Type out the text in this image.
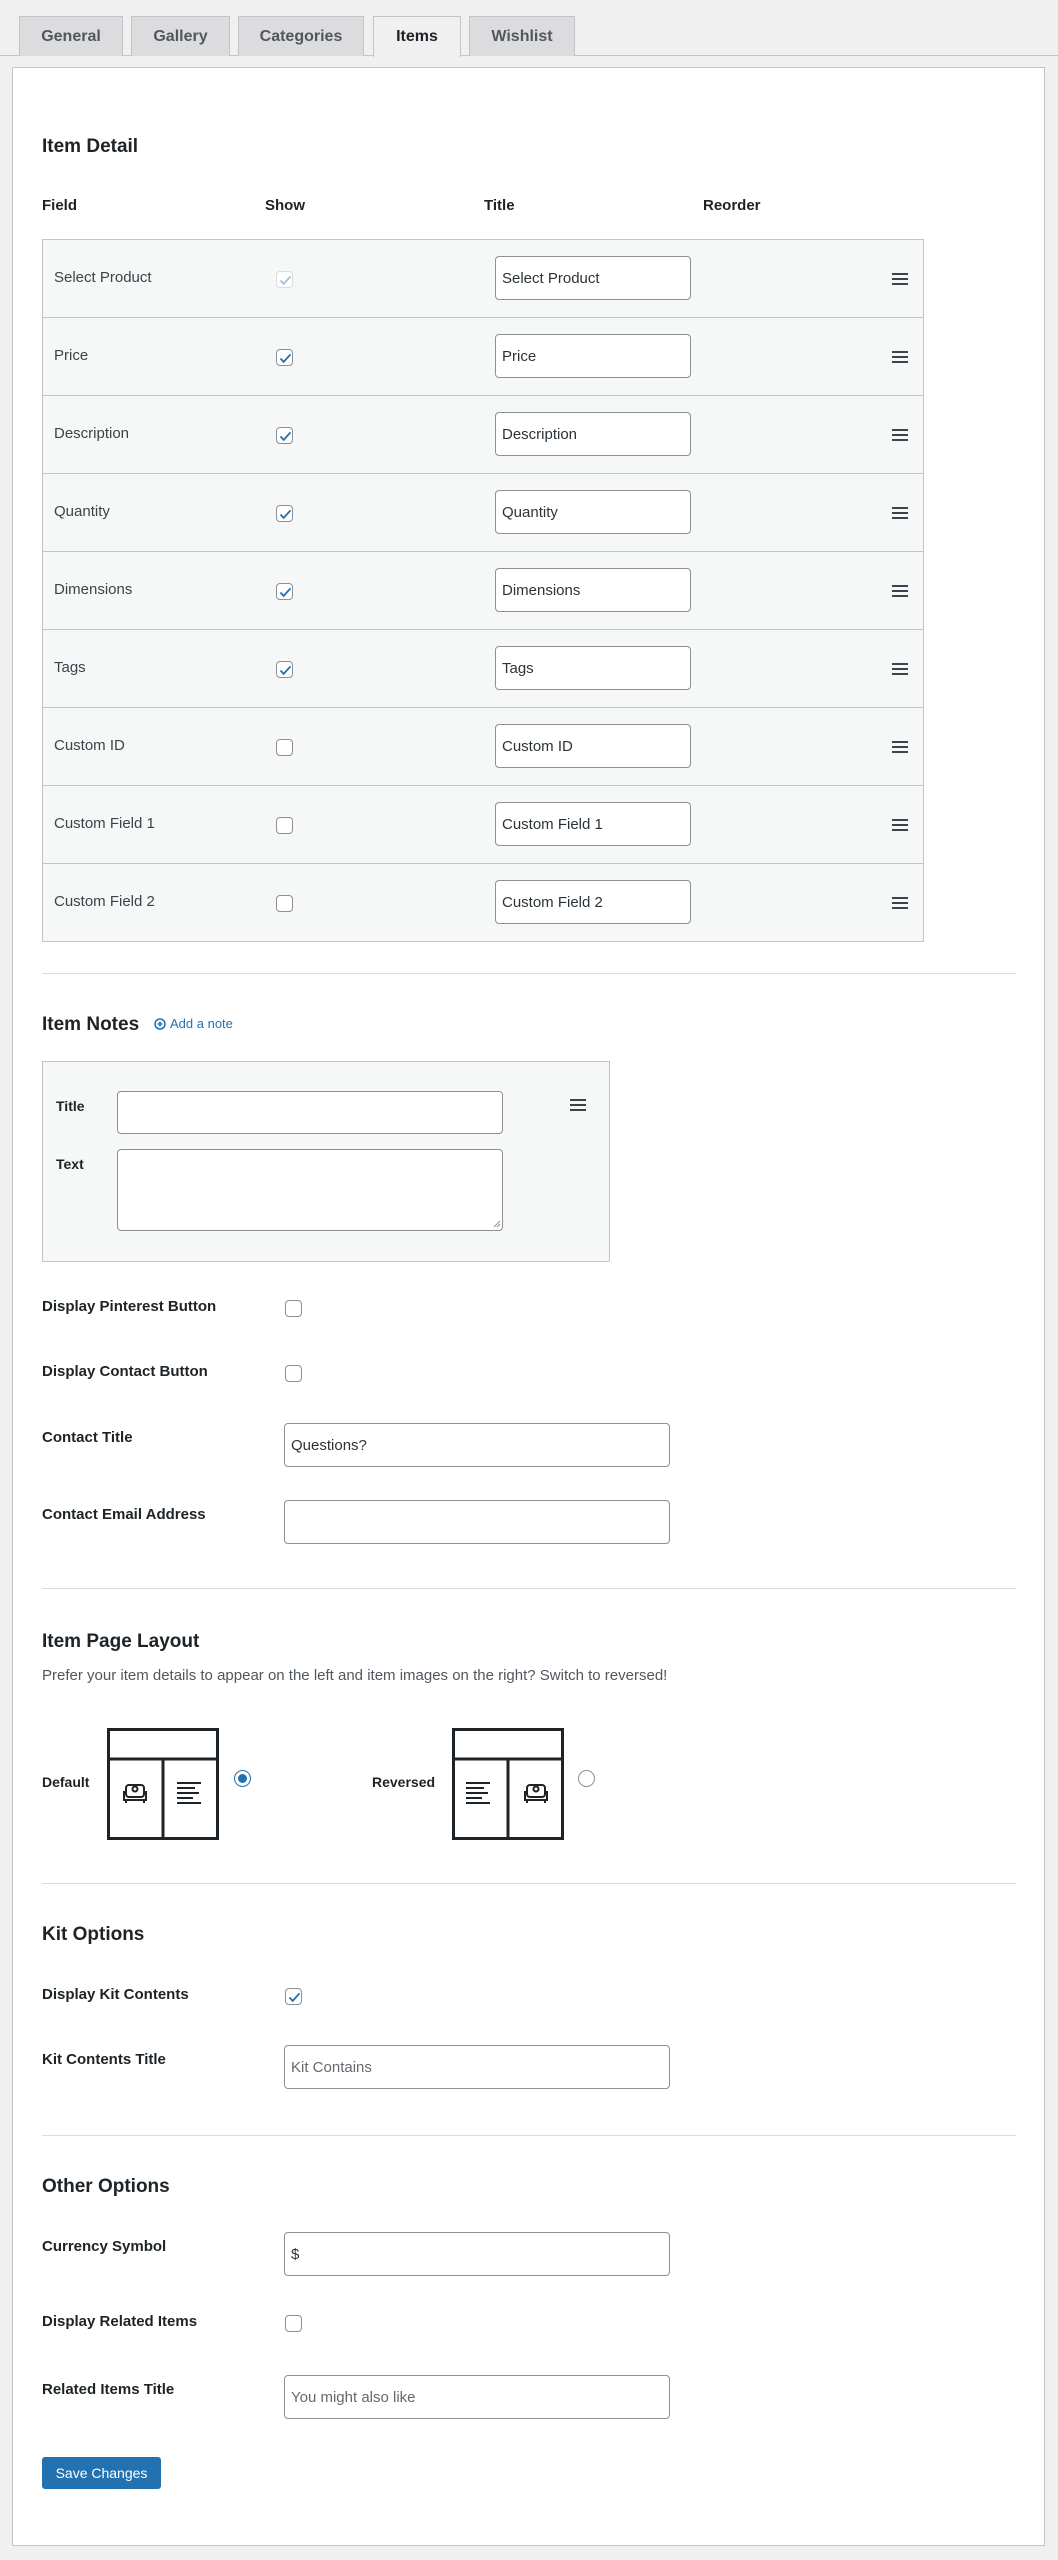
General	Gallery	Categories	Items	Wishlist
Item Detail
Field	Show	Title	Reorder
Select Product	Select Product
Price	Price
Description	Description
Quantity	Quantity
Dimensions	Dimensions
Tags	Tags
Custom ID	Custom ID
Custom Field 1	Custom Field 1
Custom Field 2	Custom Field 2
Item Notes Add a note
Title
Text
Display Pinterest Button
Display Contact Button
Contact Title	Questions?
Contact Email Address
Item Page Layout
Prefer your item details to appear on the left and item images on the right? Switch to reversed!
Default	Reversed
Kit Options
Display Kit Contents
Kit Contents Title	Kit Contains
Other Options
Currency Symbol	$
Display Related Items
Related Items Title	You might also like
Save Changes
